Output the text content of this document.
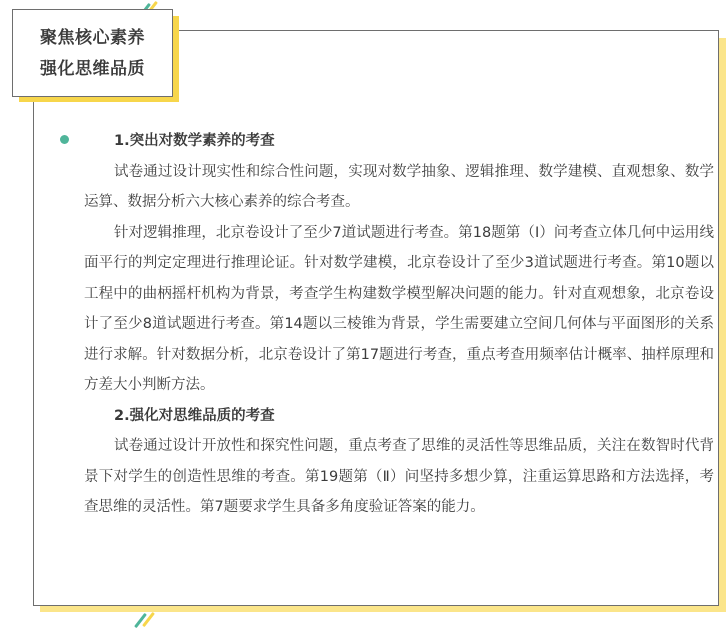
聚焦核心素养
强化思维品质

1.突出对数学素养的考查

试卷通过设计现实性和综合性问题，实现对数学抽象、逻辑推理、数学建模、直观想象、数学运算、数据分析六大核心素养的综合考查。

针对逻辑推理，北京卷设计了至少7道试题进行考查。第18题第（Ⅰ）问考查立体几何中运用线面平行的判定定理进行推理论证。针对数学建模，北京卷设计了至少3道试题进行考查。第10题以工程中的曲柄摇杆机构为背景，考查学生构建数学模型解决问题的能力。针对直观想象，北京卷设计了至少8道试题进行考查。第14题以三棱锥为背景，学生需要建立空间几何体与平面图形的关系进行求解。针对数据分析，北京卷设计了第17题进行考查，重点考查用频率估计概率、抽样原理和方差大小判断方法。

2.强化对思维品质的考查

试卷通过设计开放性和探究性问题，重点考查了思维的灵活性等思维品质，关注在数智时代背景下对学生的创造性思维的考查。第19题第（Ⅱ）问坚持多想少算，注重运算思路和方法选择，考查思维的灵活性。第7题要求学生具备多角度验证答案的能力。
